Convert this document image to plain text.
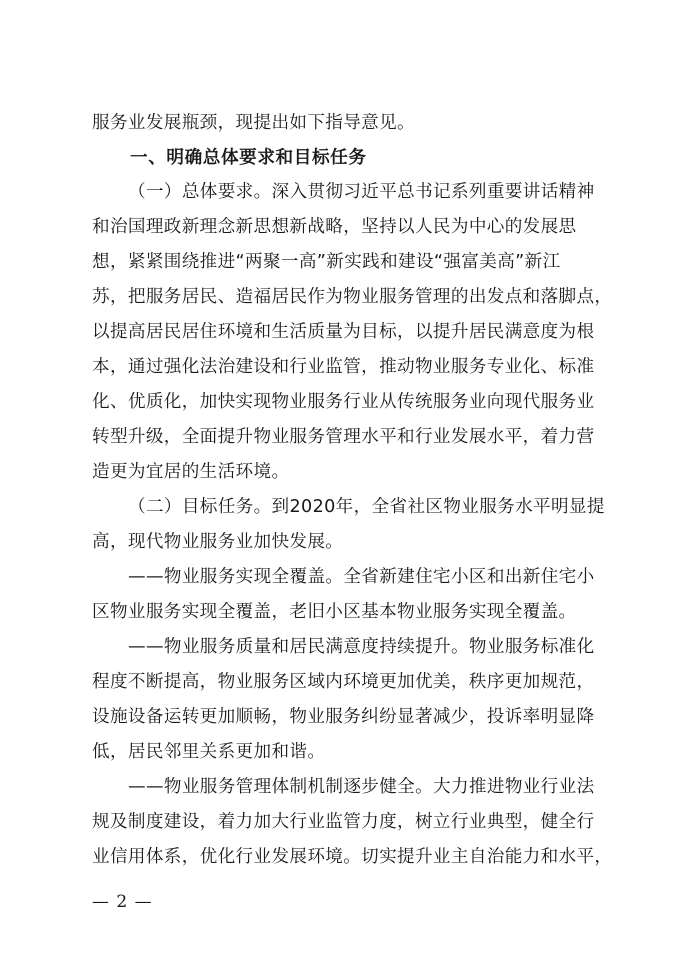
服务业发展瓶颈，现提出如下指导意见。
一、明确总体要求和目标任务
（一）总体要求。深入贯彻习近平总书记系列重要讲话精神
和治国理政新理念新思想新战略，坚持以人民为中心的发展思
想，紧紧围绕推进“两聚一高”新实践和建设“强富美高”新江
苏，把服务居民、造福居民作为物业服务管理的出发点和落脚点，
以提高居民居住环境和生活质量为目标，以提升居民满意度为根
本，通过强化法治建设和行业监管，推动物业服务专业化、标准
化、优质化，加快实现物业服务行业从传统服务业向现代服务业
转型升级，全面提升物业服务管理水平和行业发展水平，着力营
造更为宜居的生活环境。
（二）目标任务。到2020年，全省社区物业服务水平明显提
高，现代物业服务业加快发展。
——物业服务实现全覆盖。全省新建住宅小区和出新住宅小
区物业服务实现全覆盖，老旧小区基本物业服务实现全覆盖。
——物业服务质量和居民满意度持续提升。物业服务标准化
程度不断提高，物业服务区域内环境更加优美，秩序更加规范，
设施设备运转更加顺畅，物业服务纠纷显著减少，投诉率明显降
低，居民邻里关系更加和谐。
——物业服务管理体制机制逐步健全。大力推进物业行业法
规及制度建设，着力加大行业监管力度，树立行业典型，健全行
业信用体系，优化行业发展环境。切实提升业主自治能力和水平，
— 2 —
